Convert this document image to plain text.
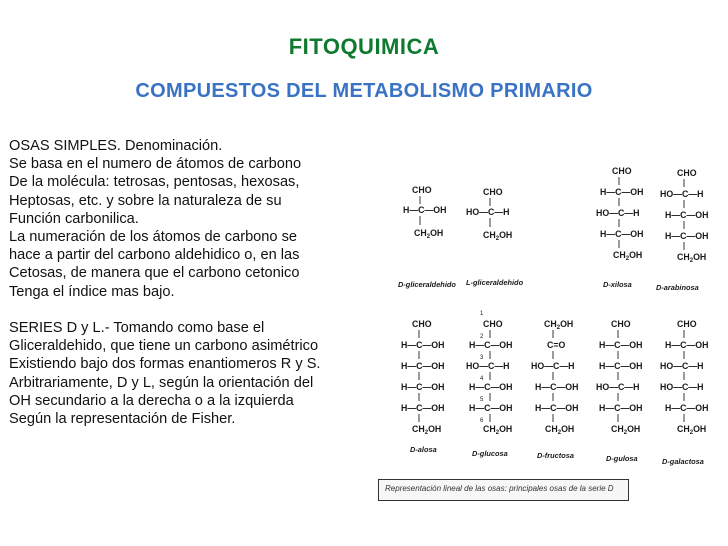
FITOQUIMICA
COMPUESTOS DEL METABOLISMO PRIMARIO
OSAS SIMPLES. Denominación.
Se basa en el numero de átomos de carbono
De la molécula: tetrosas, pentosas, hexosas,
Heptosas, etc. y sobre la naturaleza de su
Función carbonilica.
La numeración de los átomos de carbono se
hace a partir del carbono aldehidico o, en las
Cetosas, de manera que el carbono cetonico
Tenga el índice mas bajo.
SERIES D y L.- Tomando como base el
Gliceraldehido, que tiene un carbono asimétrico
Existiendo bajo dos formas enantiomeros R y S.
Arbitrariamente, D y L, según la orientación del
OH secundario a la derecha o a la izquierda
Según la representación de Fisher.
CHO
H—C—OH
$CH_2OH$
CHO
HO—C—H
$CH_2OH$
CHO
H—C—OH
HO—C—H
H—C—OH
$CH_2OH$
CHO
HO—C—H
H—C—OH
H—C—OH
$CH_2OH$
D-gliceraldehido L-gliceraldehido	D-xilosa	D-arabinosa
CHO
H—C—OH
H—C—OH
H—C—OH
H—C—OH
$CH_2OH$
1
CHO
2
H—C—OH
3
HO—C—H
4
H—C—OH
5
H—C—OH
6
$CH_2OH$
$CH_2OH$
C=O
HO—C—H
H—C—OH
H—C—OH
$CH_2OH$
CHO
H—C—OH
H—C—OH
HO—C—H
H—C—OH
$CH_2OH$
CHO
H—C—OH
HO—C—H
HO—C—H
H—C—OH
$CH_2OH$
D-alosa	D-glucosa	D-fructosa	D-gulosa	D-galactosa
Representación lineal de las osas: principales osas de la serie D
